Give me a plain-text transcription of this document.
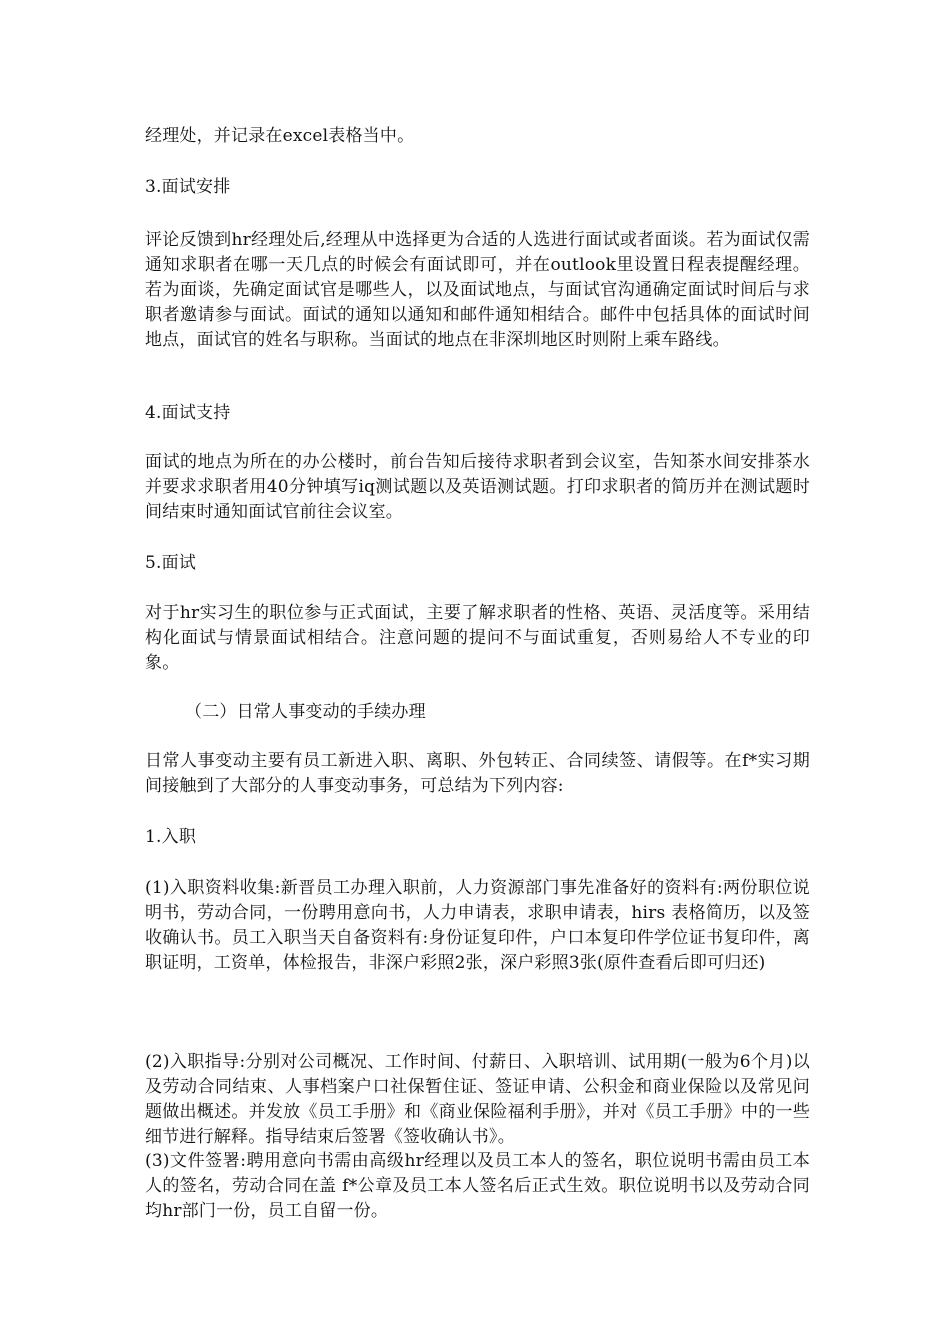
经理处，并记录在excel表格当中。

3.面试安排

评论反馈到hr经理处后,经理从中选择更为合适的人选进行面试或者面谈。若为面试仅需通知求职者在哪一天几点的时候会有面试即可，并在outlook里设置日程表提醒经理。若为面谈，先确定面试官是哪些人，以及面试地点，与面试官沟通确定面试时间后与求职者邀请参与面试。面试的通知以通知和邮件通知相结合。邮件中包括具体的面试时间地点，面试官的姓名与职称。当面试的地点在非深圳地区时则附上乘车路线。

4.面试支持

面试的地点为所在的办公楼时，前台告知后接待求职者到会议室，告知茶水间安排茶水并要求求职者用40分钟填写iq测试题以及英语测试题。打印求职者的简历并在测试题时间结束时通知面试官前往会议室。

5.面试

对于hr实习生的职位参与正式面试，主要了解求职者的性格、英语、灵活度等。采用结构化面试与情景面试相结合。注意问题的提问不与面试重复，否则易给人不专业的印象。

（二）日常人事变动的手续办理

日常人事变动主要有员工新进入职、离职、外包转正、合同续签、请假等。在f*实习期间接触到了大部分的人事变动事务，可总结为下列内容:

1.入职

(1)入职资料收集:新晋员工办理入职前，人力资源部门事先准备好的资料有:两份职位说明书，劳动合同，一份聘用意向书，人力申请表，求职申请表，hirs 表格简历，以及签收确认书。员工入职当天自备资料有:身份证复印件，户口本复印件学位证书复印件，离职证明，工资单，体检报告，非深户彩照2张，深户彩照3张(原件查看后即可归还)

(2)入职指导:分别对公司概况、工作时间、付薪日、入职培训、试用期(一般为6个月)以及劳动合同结束、人事档案户口社保暂住证、签证申请、公积金和商业保险以及常见问题做出概述。并发放《员工手册》和《商业保险福利手册》，并对《员工手册》中的一些细节进行解释。指导结束后签署《签收确认书》。

(3)文件签署:聘用意向书需由高级hr经理以及员工本人的签名，职位说明书需由员工本人的签名，劳动合同在盖 f*公章及员工本人签名后正式生效。职位说明书以及劳动合同均hr部门一份，员工自留一份。
